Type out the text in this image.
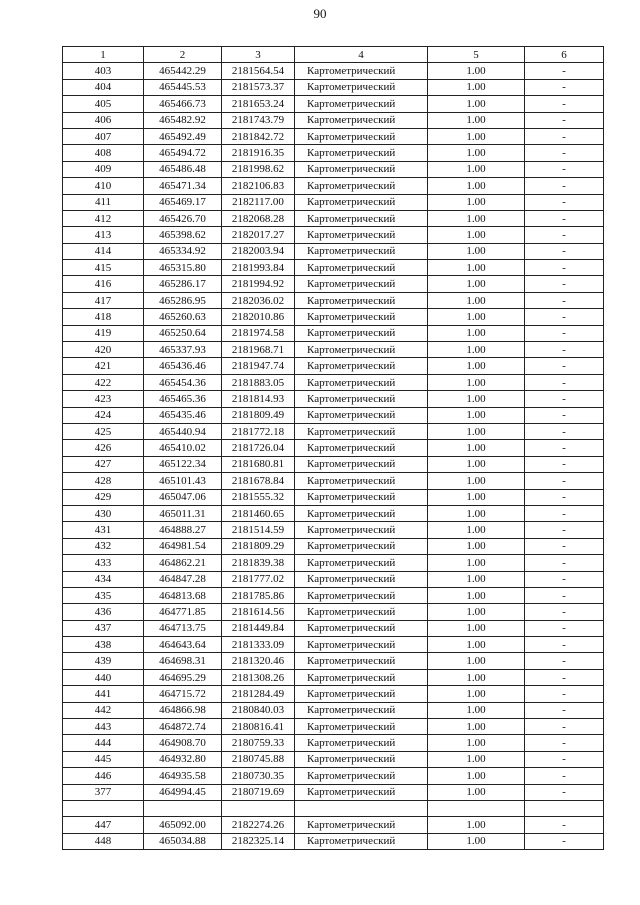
90
1	2	3	4	5	6
403	465442.29	2181564.54	Картометрический	1.00	-
404	465445.53	2181573.37	Картометрический	1.00	-
405	465466.73	2181653.24	Картометрический	1.00	-
406	465482.92	2181743.79	Картометрический	1.00	-
407	465492.49	2181842.72	Картометрический	1.00	-
408	465494.72	2181916.35	Картометрический	1.00	-
409	465486.48	2181998.62	Картометрический	1.00	-
410	465471.34	2182106.83	Картометрический	1.00	-
411	465469.17	2182117.00	Картометрический	1.00	-
412	465426.70	2182068.28	Картометрический	1.00	-
413	465398.62	2182017.27	Картометрический	1.00	-
414	465334.92	2182003.94	Картометрический	1.00	-
415	465315.80	2181993.84	Картометрический	1.00	-
416	465286.17	2181994.92	Картометрический	1.00	-
417	465286.95	2182036.02	Картометрический	1.00	-
418	465260.63	2182010.86	Картометрический	1.00	-
419	465250.64	2181974.58	Картометрический	1.00	-
420	465337.93	2181968.71	Картометрический	1.00	-
421	465436.46	2181947.74	Картометрический	1.00	-
422	465454.36	2181883.05	Картометрический	1.00	-
423	465465.36	2181814.93	Картометрический	1.00	-
424	465435.46	2181809.49	Картометрический	1.00	-
425	465440.94	2181772.18	Картометрический	1.00	-
426	465410.02	2181726.04	Картометрический	1.00	-
427	465122.34	2181680.81	Картометрический	1.00	-
428	465101.43	2181678.84	Картометрический	1.00	-
429	465047.06	2181555.32	Картометрический	1.00	-
430	465011.31	2181460.65	Картометрический	1.00	-
431	464888.27	2181514.59	Картометрический	1.00	-
432	464981.54	2181809.29	Картометрический	1.00	-
433	464862.21	2181839.38	Картометрический	1.00	-
434	464847.28	2181777.02	Картометрический	1.00	-
435	464813.68	2181785.86	Картометрический	1.00	-
436	464771.85	2181614.56	Картометрический	1.00	-
437	464713.75	2181449.84	Картометрический	1.00	-
438	464643.64	2181333.09	Картометрический	1.00	-
439	464698.31	2181320.46	Картометрический	1.00	-
440	464695.29	2181308.26	Картометрический	1.00	-
441	464715.72	2181284.49	Картометрический	1.00	-
442	464866.98	2180840.03	Картометрический	1.00	-
443	464872.74	2180816.41	Картометрический	1.00	-
444	464908.70	2180759.33	Картометрический	1.00	-
445	464932.80	2180745.88	Картометрический	1.00	-
446	464935.58	2180730.35	Картометрический	1.00	-
377	464994.45	2180719.69	Картометрический	1.00	-

447	465092.00	2182274.26	Картометрический	1.00	-
448	465034.88	2182325.14	Картометрический	1.00	-
